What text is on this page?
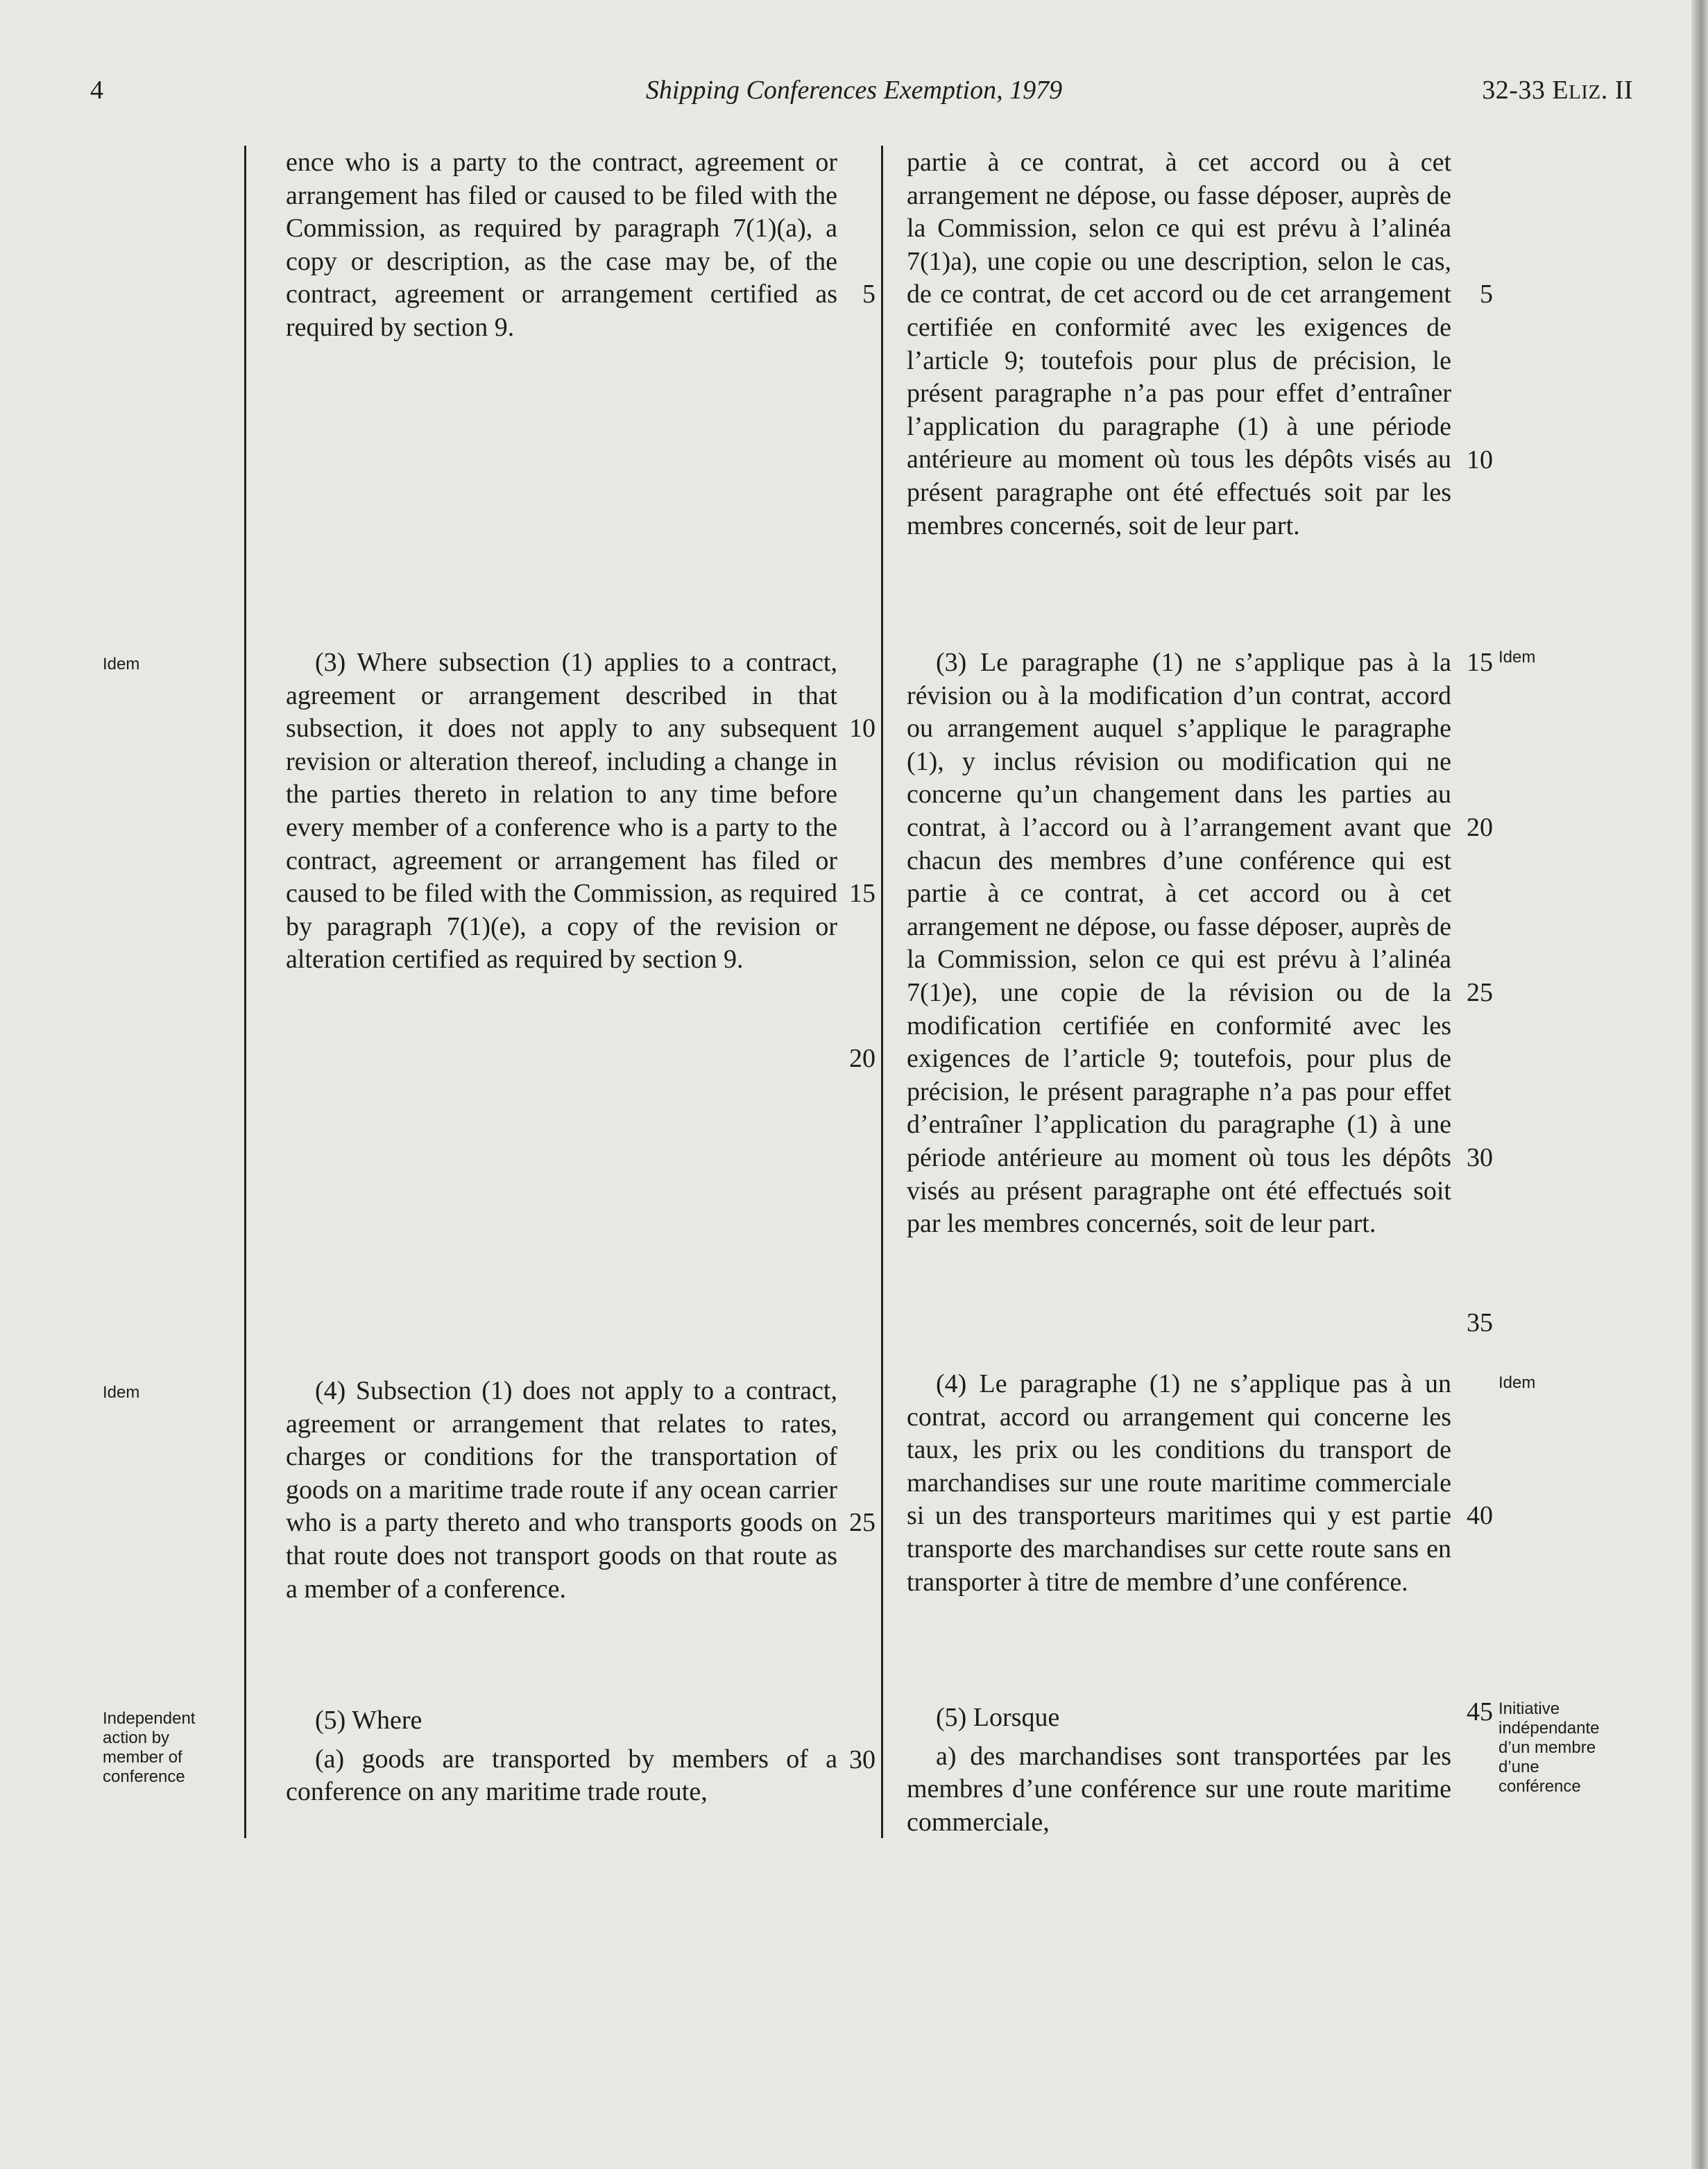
4	Shipping Conferences Exemption, 1979	32-33 ELIZ. II

ence who is a party to the contract, agreement or arrangement has filed or caused to be filed with the Commission, as required by paragraph 7(1)(a), a copy or description, as the case may be, of the contract, agreement or arrangement certified as required by section 9.

(3) Where subsection (1) applies to a contract, agreement or arrangement described in that subsection, it does not apply to any subsequent revision or alteration thereof, including a change in the parties thereto in relation to any time before every member of a conference who is a party to the contract, agreement or arrangement has filed or caused to be filed with the Commission, as required by paragraph 7(1)(e), a copy of the revision or alteration certified as required by section 9.

(4) Subsection (1) does not apply to a contract, agreement or arrangement that relates to rates, charges or conditions for the transportation of goods on a maritime trade route if any ocean carrier who is a party thereto and who transports goods on that route does not transport goods on that route as a member of a conference.

(5) Where

(a) goods are transported by members of a conference on any maritime trade route,

partie à ce contrat, à cet accord ou à cet arrangement ne dépose, ou fasse déposer, auprès de la Commission, selon ce qui est prévu à l’alinéa 7(1)a), une copie ou une description, selon le cas, de ce contrat, de cet accord ou de cet arrangement certifiée en conformité avec les exigences de l’article 9; toutefois pour plus de précision, le présent paragraphe n’a pas pour effet d’entraîner l’application du paragraphe (1) à une période antérieure au moment où tous les dépôts visés au présent paragraphe ont été effectués soit par les membres concernés, soit de leur part.

(3) Le paragraphe (1) ne s’applique pas à la révision ou à la modification d’un contrat, accord ou arrangement auquel s’applique le paragraphe (1), y inclus révision ou modification qui ne concerne qu’un changement dans les parties au contrat, à l’accord ou à l’arrangement avant que chacun des membres d’une conférence qui est partie à ce contrat, à cet accord ou à cet arrangement ne dépose, ou fasse déposer, auprès de la Commission, selon ce qui est prévu à l’alinéa 7(1)e), une copie de la révision ou de la modification certifiée en conformité avec les exigences de l’article 9; toutefois, pour plus de précision, le présent paragraphe n’a pas pour effet d’entraîner l’application du paragraphe (1) à une période antérieure au moment où tous les dépôts visés au présent paragraphe ont été effectués soit par les membres concernés, soit de leur part.

(4) Le paragraphe (1) ne s’applique pas à un contrat, accord ou arrangement qui concerne les taux, les prix ou les conditions du transport de marchandises sur une route maritime commerciale si un des transporteurs maritimes qui y est partie transporte des marchandises sur cette route sans en transporter à titre de membre d’une conférence.

(5) Lorsque

a) des marchandises sont transportées par les membres d’une conférence sur une route maritime commerciale,

5
10
15
20
25
30
5
10
15
20
25
30
35
40
45
Idem
Idem
Independent action by member of conference
Idem
Idem
Initiative indépendante d’un membre d’une conférence
